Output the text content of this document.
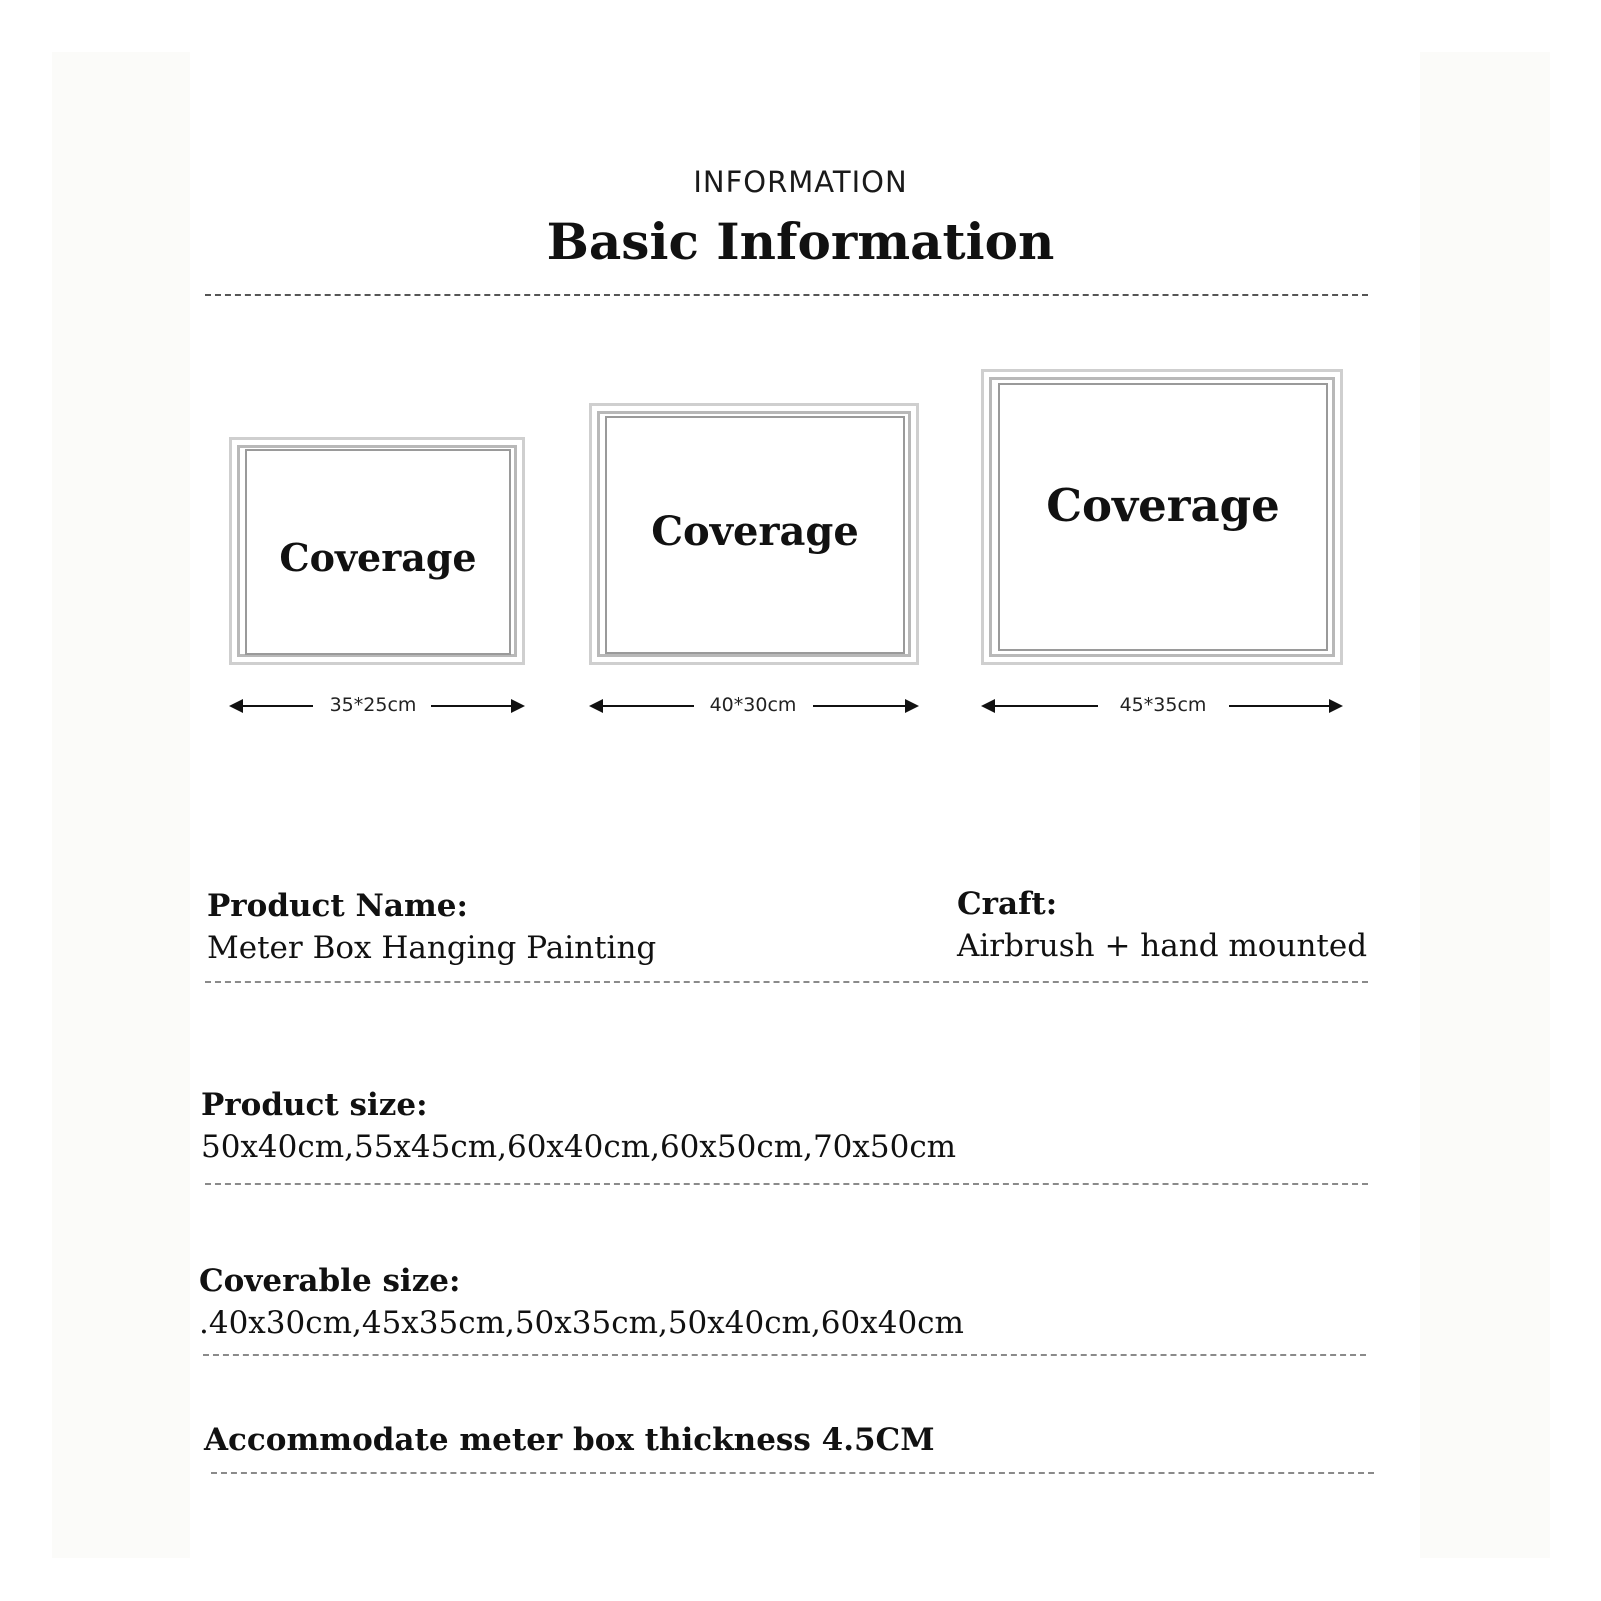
INFORMATION
Basic Information
Coverage
35*25cm
Coverage
40*30cm
Coverage
45*35cm
Product Name:
Meter Box Hanging Painting
Craft:
Airbrush + hand mounted
Product size:
50x40cm,55x45cm,60x40cm,60x50cm,70x50cm
Coverable size:
.40x30cm,45x35cm,50x35cm,50x40cm,60x40cm
Accommodate meter box thickness 4.5CM
